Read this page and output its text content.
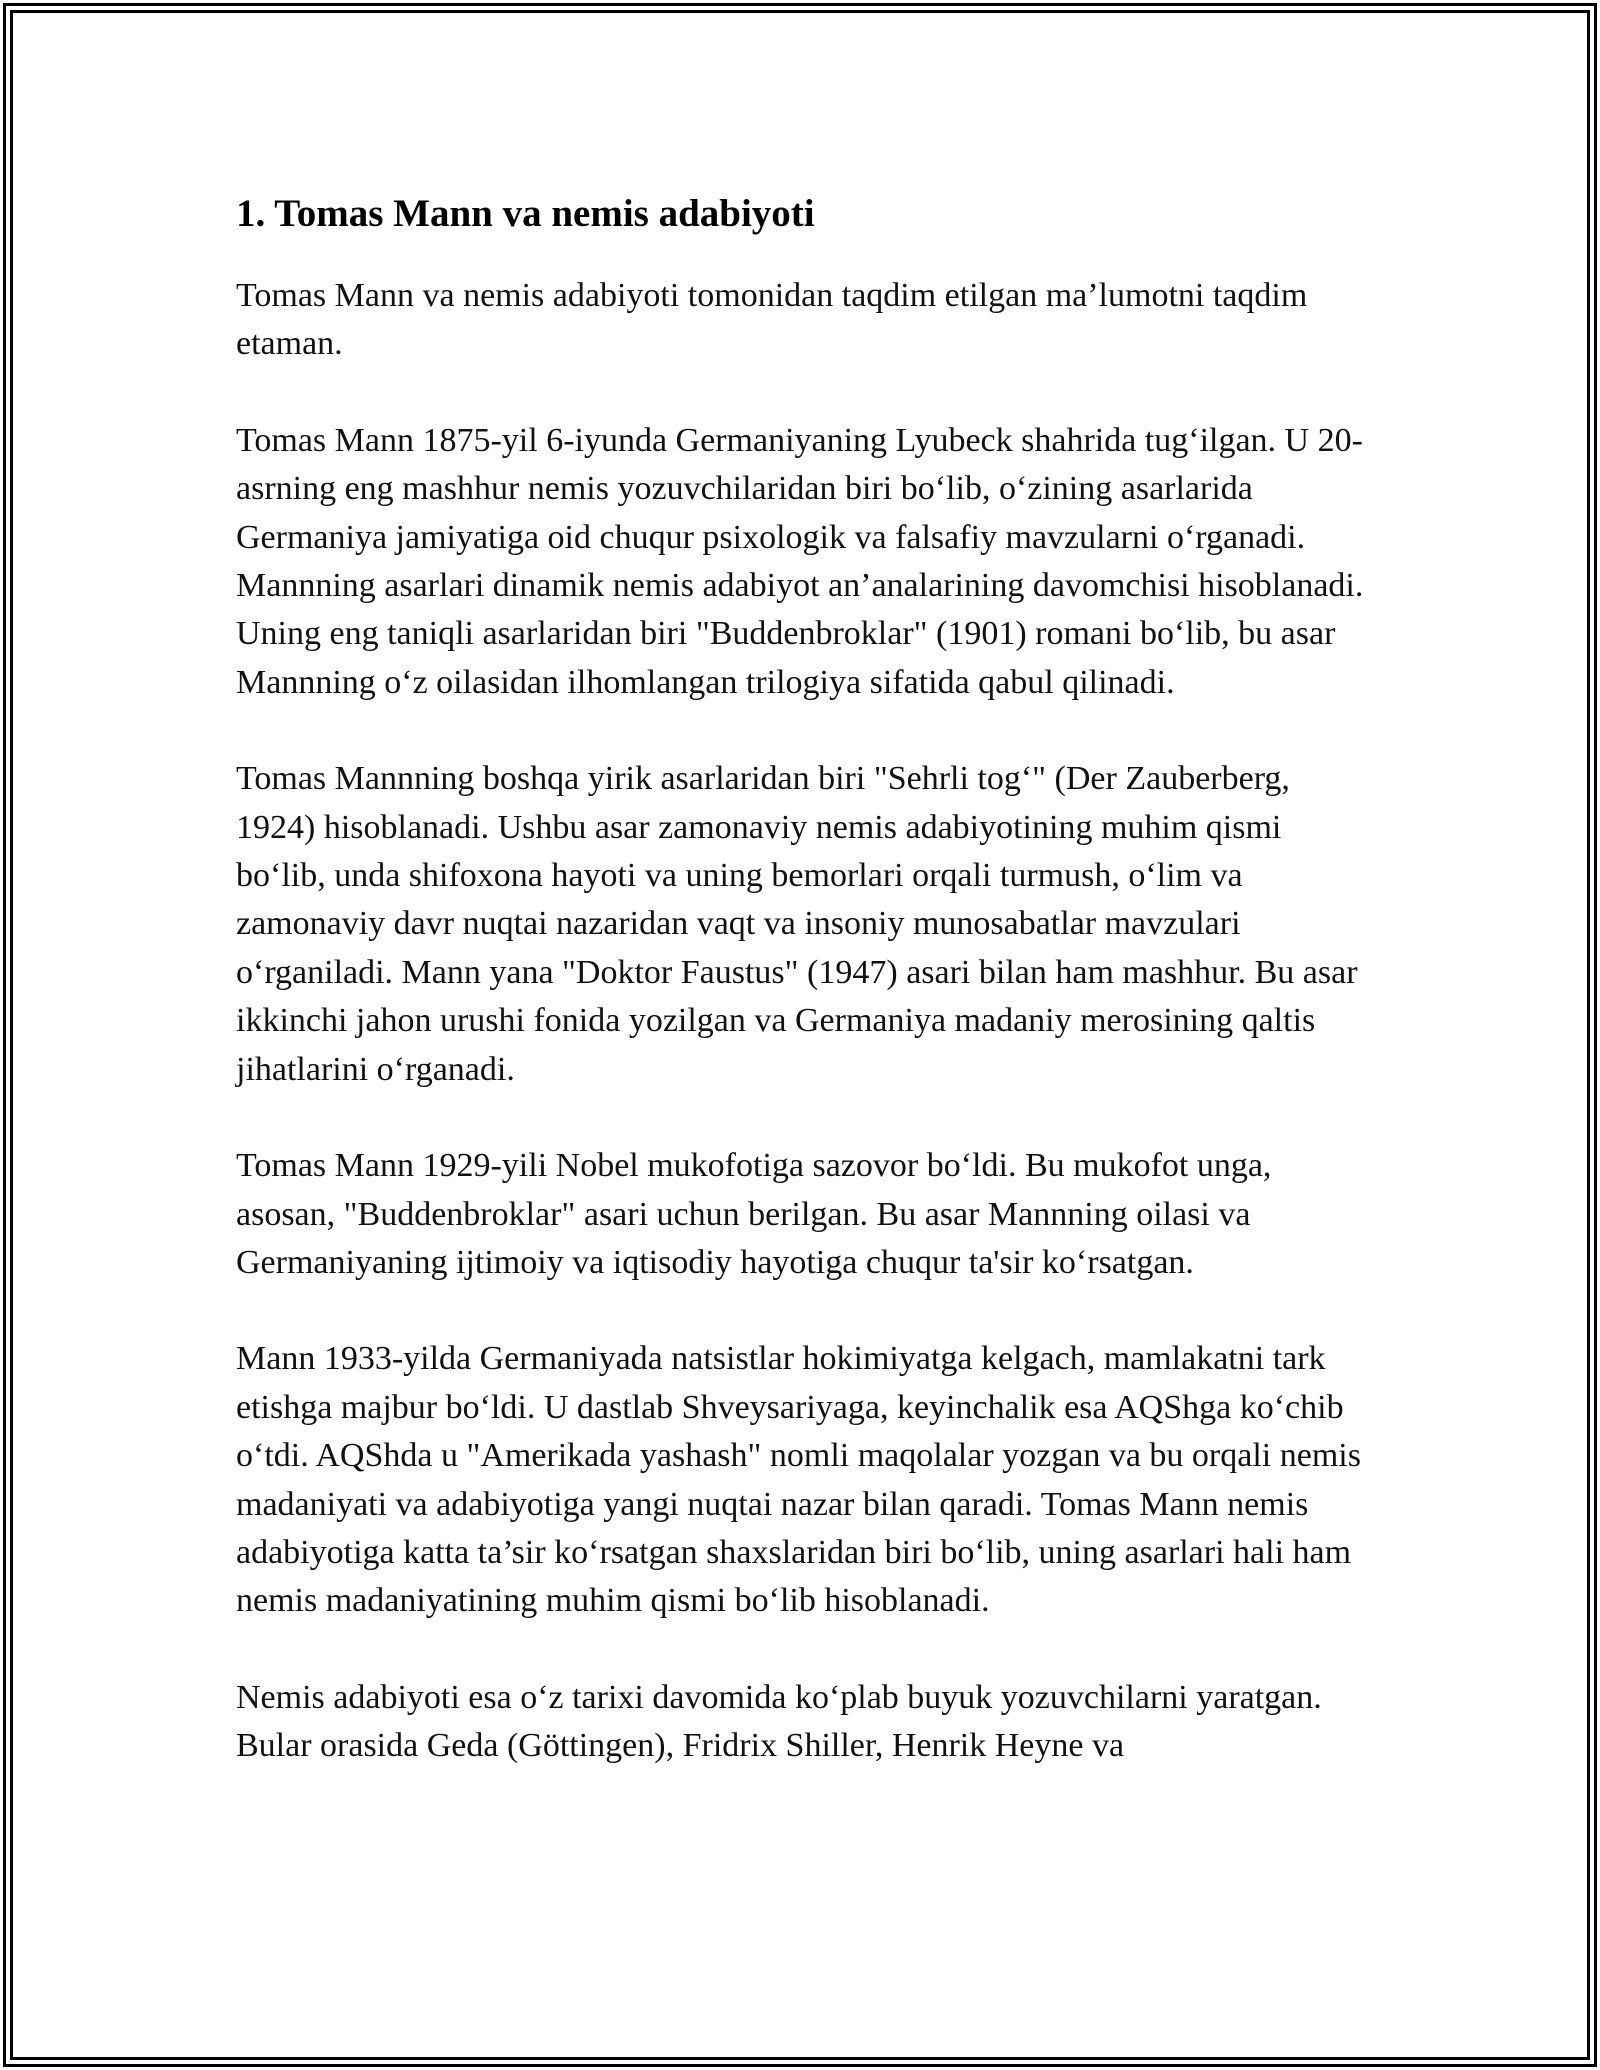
1. Tomas Mann va nemis adabiyoti

Tomas Mann va nemis adabiyoti tomonidan taqdim etilgan ma’lumotni taqdim etaman.

Tomas Mann 1875-yil 6-iyunda Germaniyaning Lyubeck shahrida tug‘ilgan. U 20-asrning eng mashhur nemis yozuvchilaridan biri bo‘lib, o‘zining asarlarida Germaniya jamiyatiga oid chuqur psixologik va falsafiy mavzularni o‘rganadi. Mannning asarlari dinamik nemis adabiyot an’analarining davomchisi hisoblanadi. Uning eng taniqli asarlaridan biri "Buddenbroklar" (1901) romani bo‘lib, bu asar Mannning o‘z oilasidan ilhomlangan trilogiya sifatida qabul qilinadi.

Tomas Mannning boshqa yirik asarlaridan biri "Sehrli tog‘" (Der Zauberberg, 1924) hisoblanadi. Ushbu asar zamonaviy nemis adabiyotining muhim qismi bo‘lib, unda shifoxona hayoti va uning bemorlari orqali turmush, o‘lim va zamonaviy davr nuqtai nazaridan vaqt va insoniy munosabatlar mavzulari o‘rganiladi. Mann yana "Doktor Faustus" (1947) asari bilan ham mashhur. Bu asar ikkinchi jahon urushi fonida yozilgan va Germaniya madaniy merosining qaltis jihatlarini o‘rganadi.

Tomas Mann 1929-yili Nobel mukofotiga sazovor bo‘ldi. Bu mukofot unga, asosan, "Buddenbroklar" asari uchun berilgan. Bu asar Mannning oilasi va Germaniyaning ijtimoiy va iqtisodiy hayotiga chuqur ta'sir ko‘rsatgan.

Mann 1933-yilda Germaniyada natsistlar hokimiyatga kelgach, mamlakatni tark etishga majbur bo‘ldi. U dastlab Shveysariyaga, keyinchalik esa AQShga ko‘chib o‘tdi. AQShda u "Amerikada yashash" nomli maqolalar yozgan va bu orqali nemis madaniyati va adabiyotiga yangi nuqtai nazar bilan qaradi. Tomas Mann nemis adabiyotiga katta ta’sir ko‘rsatgan shaxslaridan biri bo‘lib, uning asarlari hali ham nemis madaniyatining muhim qismi bo‘lib hisoblanadi.

Nemis adabiyoti esa o‘z tarixi davomida ko‘plab buyuk yozuvchilarni yaratgan. Bular orasida Geda (Göttingen), Fridrix Shiller, Henrik Heyne va
